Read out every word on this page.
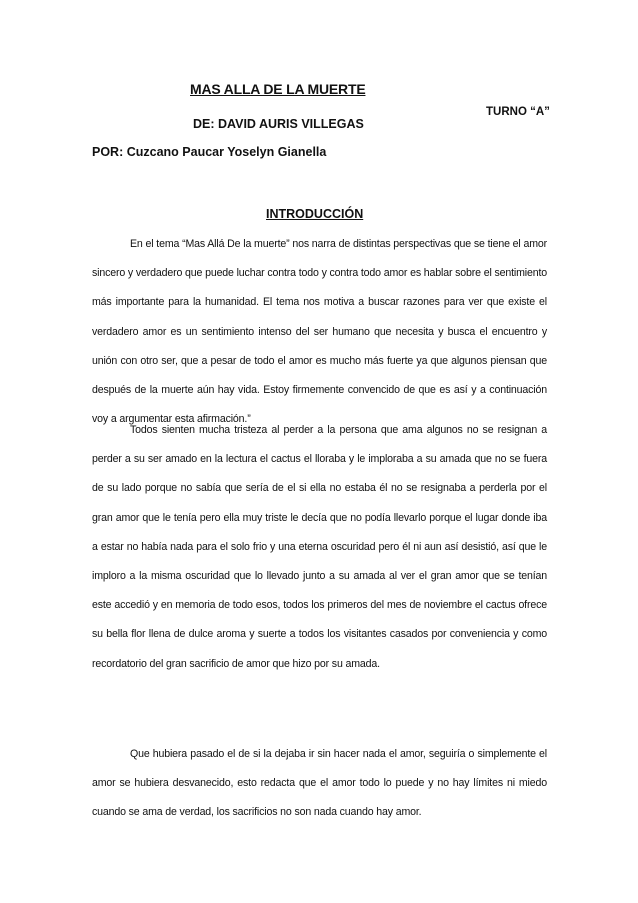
MAS ALLA DE LA MUERTE
TURNO “A”
DE: DAVID AURIS VILLEGAS
POR: Cuzcano Paucar Yoselyn Gianella
INTRODUCCIÓN

En el tema “Mas Allá De la muerte” nos narra de distintas perspectivas que se tiene el amor sincero y verdadero que puede luchar contra todo y contra todo amor es hablar sobre el sentimiento más importante para la humanidad. El tema nos motiva a buscar razones para ver que existe el verdadero amor es un sentimiento intenso del ser humano que necesita y busca el encuentro y unión con otro ser, que a pesar de todo el amor es mucho más fuerte ya que algunos piensan que después de la muerte aún hay vida. Estoy firmemente convencido de que es así y a continuación voy a argumentar esta afirmación.”

Todos sienten mucha tristeza al perder a la persona que ama algunos no se resignan a perder a su ser amado en la lectura el cactus el lloraba y le imploraba a su amada que no se fuera de su lado porque no sabía que sería de el si ella no estaba él no se resignaba a perderla por el gran amor que le tenía pero ella muy triste le decía que no podía llevarlo porque el lugar donde iba a estar no había nada para el solo frio y una eterna oscuridad pero él ni aun así desistió, así que le imploro a la misma oscuridad que lo llevado junto a su amada al ver el gran amor que se tenían este accedió y en memoria de todo esos, todos los primeros del mes de noviembre el cactus ofrece su bella flor llena de dulce aroma y suerte a todos los visitantes casados por conveniencia y como recordatorio del gran sacrificio de amor que hizo por su amada.

Que hubiera pasado el de si la dejaba ir sin hacer nada el amor, seguiría o simplemente el amor se hubiera desvanecido, esto redacta que el amor todo lo puede y no hay límites ni miedo cuando se ama de verdad, los sacrificios no son nada cuando hay amor.
